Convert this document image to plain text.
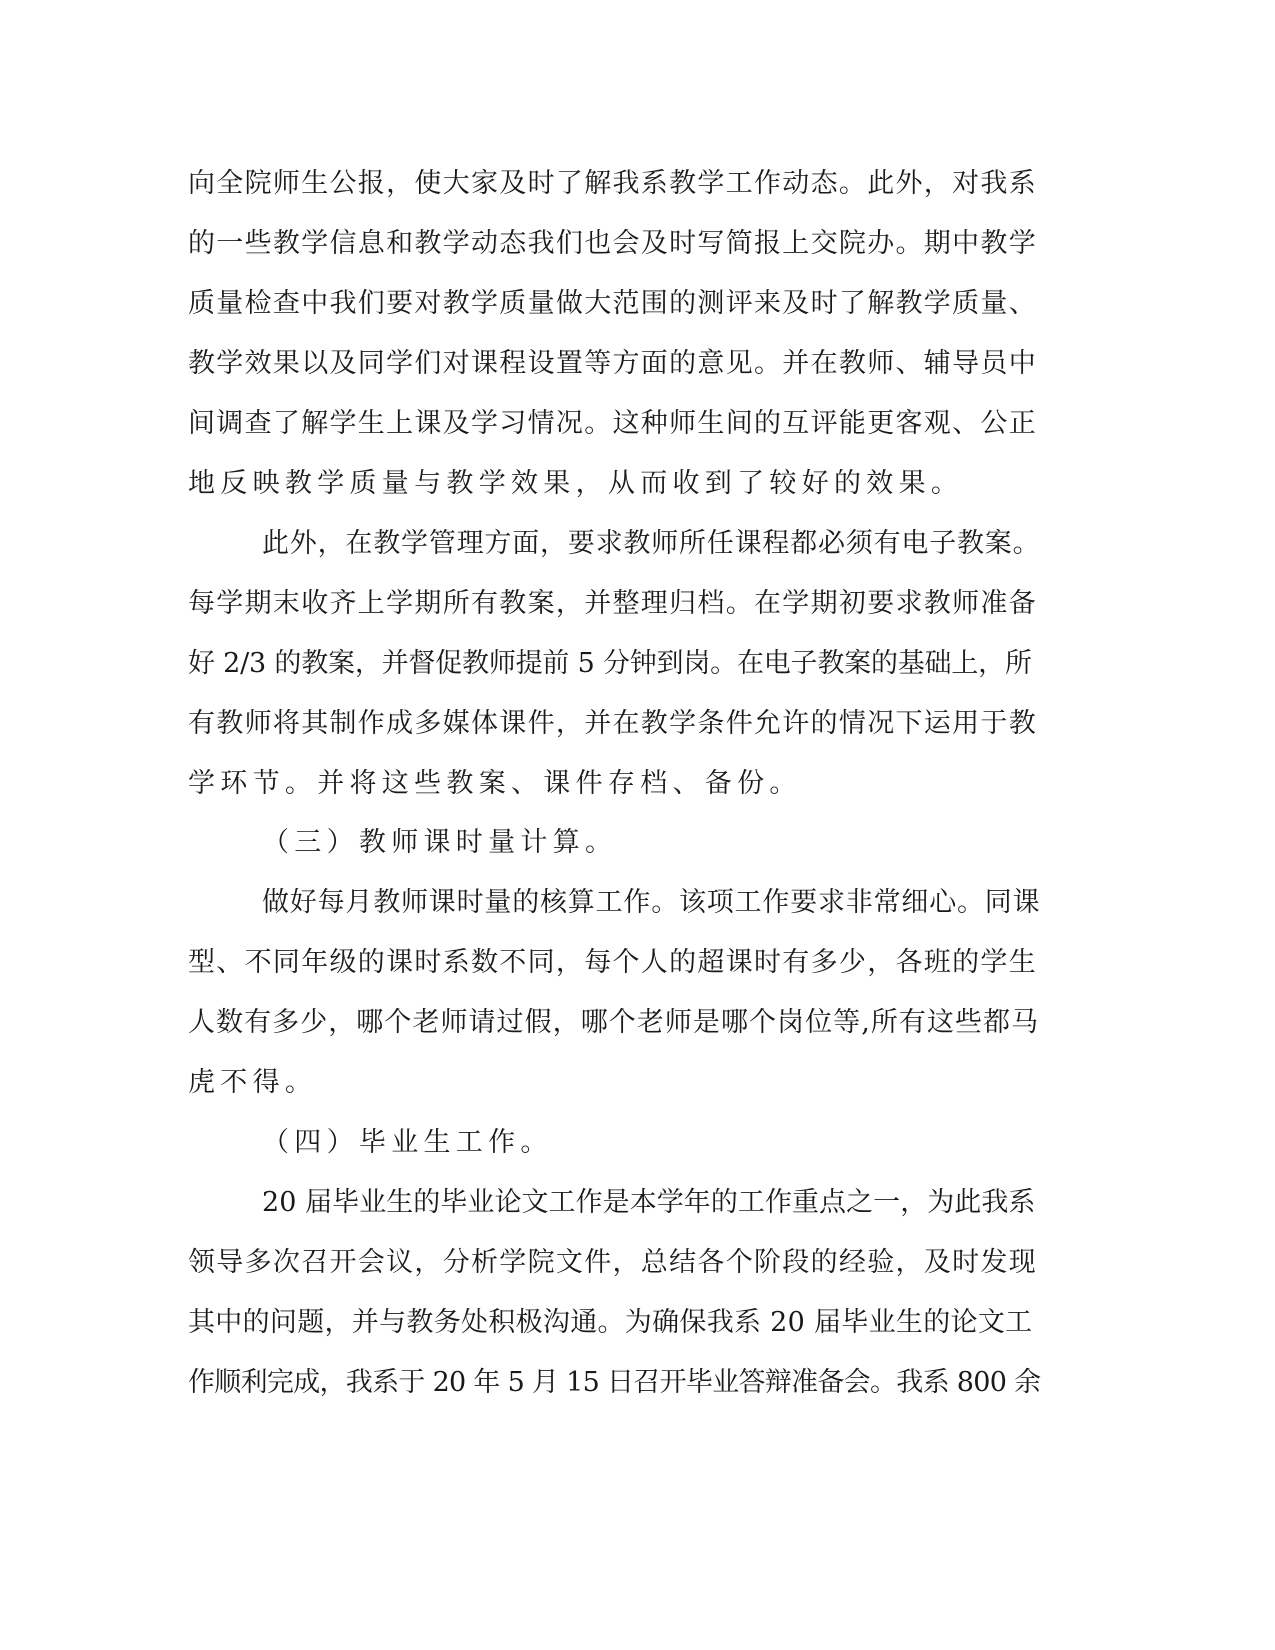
向全院师生公报，使大家及时了解我系教学工作动态。此外，对我系
的一些教学信息和教学动态我们也会及时写简报上交院办。期中教学
质量检查中我们要对教学质量做大范围的测评来及时了解教学质量、
教学效果以及同学们对课程设置等方面的意见。并在教师、辅导员中
间调查了解学生上课及学习情况。这种师生间的互评能更客观、公正
地反映教学质量与教学效果，从而收到了较好的效果。
此外，在教学管理方面，要求教师所任课程都必须有电子教案。
每学期末收齐上学期所有教案，并整理归档。在学期初要求教师准备
好 2/3 的教案，并督促教师提前 5 分钟到岗。在电子教案的基础上，所
有教师将其制作成多媒体课件，并在教学条件允许的情况下运用于教
学环节。并将这些教案、课件存档、备份。
（三）教师课时量计算。
做好每月教师课时量的核算工作。该项工作要求非常细心。同课
型、不同年级的课时系数不同，每个人的超课时有多少，各班的学生
人数有多少，哪个老师请过假，哪个老师是哪个岗位等,所有这些都马
虎不得。
（四）毕业生工作。
20 届毕业生的毕业论文工作是本学年的工作重点之一，为此我系
领导多次召开会议，分析学院文件，总结各个阶段的经验，及时发现
其中的问题，并与教务处积极沟通。为确保我系 20 届毕业生的论文工
作顺利完成，我系于 20 年 5 月 15 日召开毕业答辩准备会。我系 800 余
